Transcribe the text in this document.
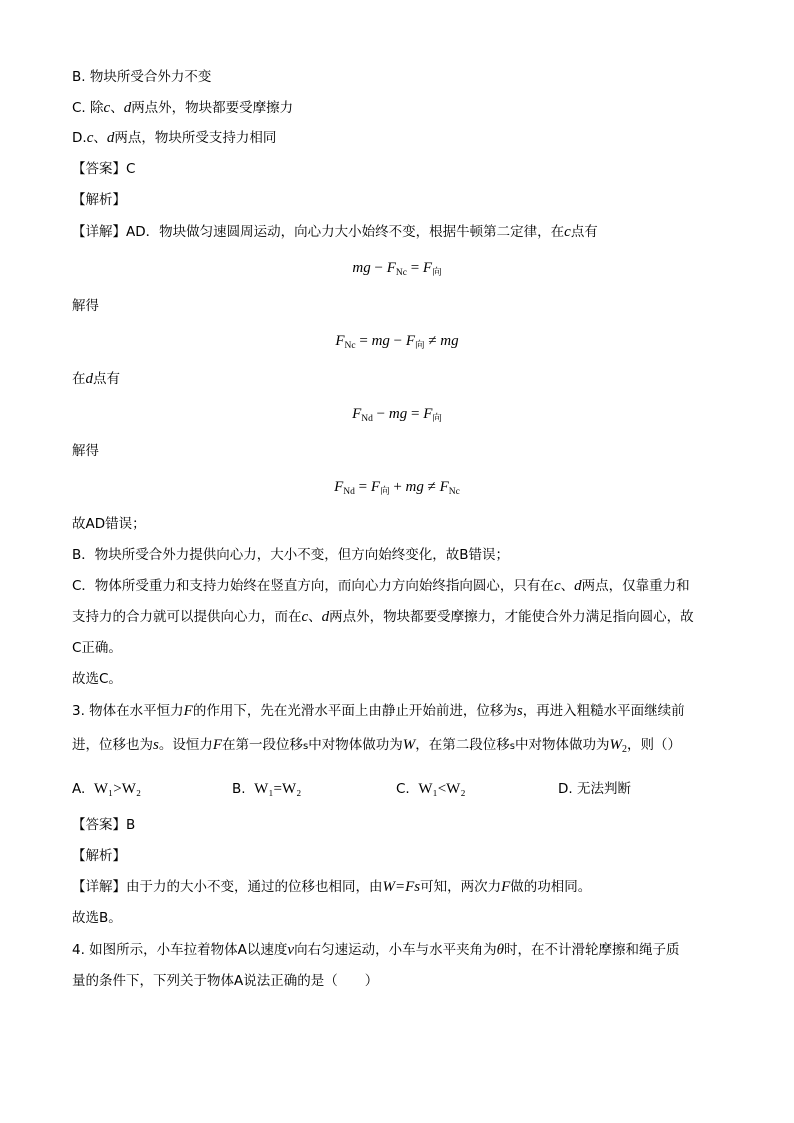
B. 物块所受合外力不变
C. 除c、d两点外，物块都要受摩擦力
D.c、d两点，物块所受支持力相同
【答案】C
【解析】
【详解】AD．物块做匀速圆周运动，向心力大小始终不变，根据牛顿第二定律，在c点有
mg − $F_{Nc} = F_向$
解得
$F_{Nc}$ = mg − $F_向$ ≠ mg
在d点有
$F_{Nd}$ − mg = $F_向$
解得
$F_{Nd} = F_向$ + mg ≠ $F_{Nc}$
故AD错误；
B．物块所受合外力提供向心力，大小不变，但方向始终变化，故B错误；
C．物体所受重力和支持力始终在竖直方向，而向心力方向始终指向圆心，只有在c、d两点，仅靠重力和
支持力的合力就可以提供向心力，而在c、d两点外，物块都要受摩擦力，才能使合外力满足指向圆心，故
C正确。
故选C。
3. 物体在水平恒力F的作用下，先在光滑水平面上由静止开始前进，位移为s，再进入粗糙水平面继续前
进，位移也为s。设恒力F在第一段位移s中对物体做功为W，在第二段位移s中对物体做功为$W_2$，则（）
A. W₁>W₂	B. W₁=W₂	C. W₁<W₂	D. 无法判断
【答案】B
【解析】
【详解】由于力的大小不变，通过的位移也相同，由W=Fs可知，两次力F做的功相同。
故选B。
4. 如图所示，小车拉着物体A以速度v向右匀速运动，小车与水平夹角为θ时，在不计滑轮摩擦和绳子质
量的条件下，下列关于物体A说法正确的是（　　）
